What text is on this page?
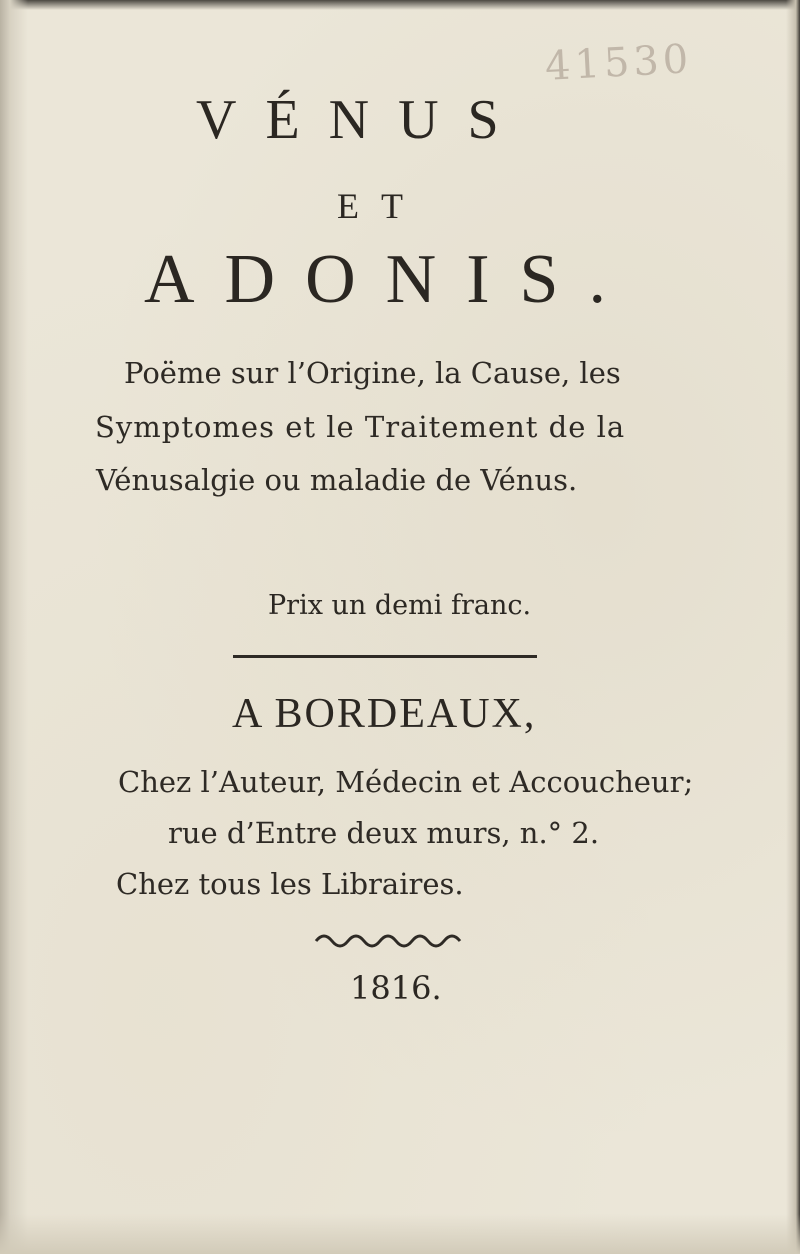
41530
VÉNUS
ET
ADONIS.
Poëme sur l’Origine, la Cause, les
Symptomes et le Traitement de la
Vénusalgie ou maladie de Vénus.
Prix un demi franc.
A BORDEAUX,
Chez l’Auteur, Médecin et Accoucheur;
rue d’Entre deux murs, n.° 2.
Chez tous les Libraires.
1816.
